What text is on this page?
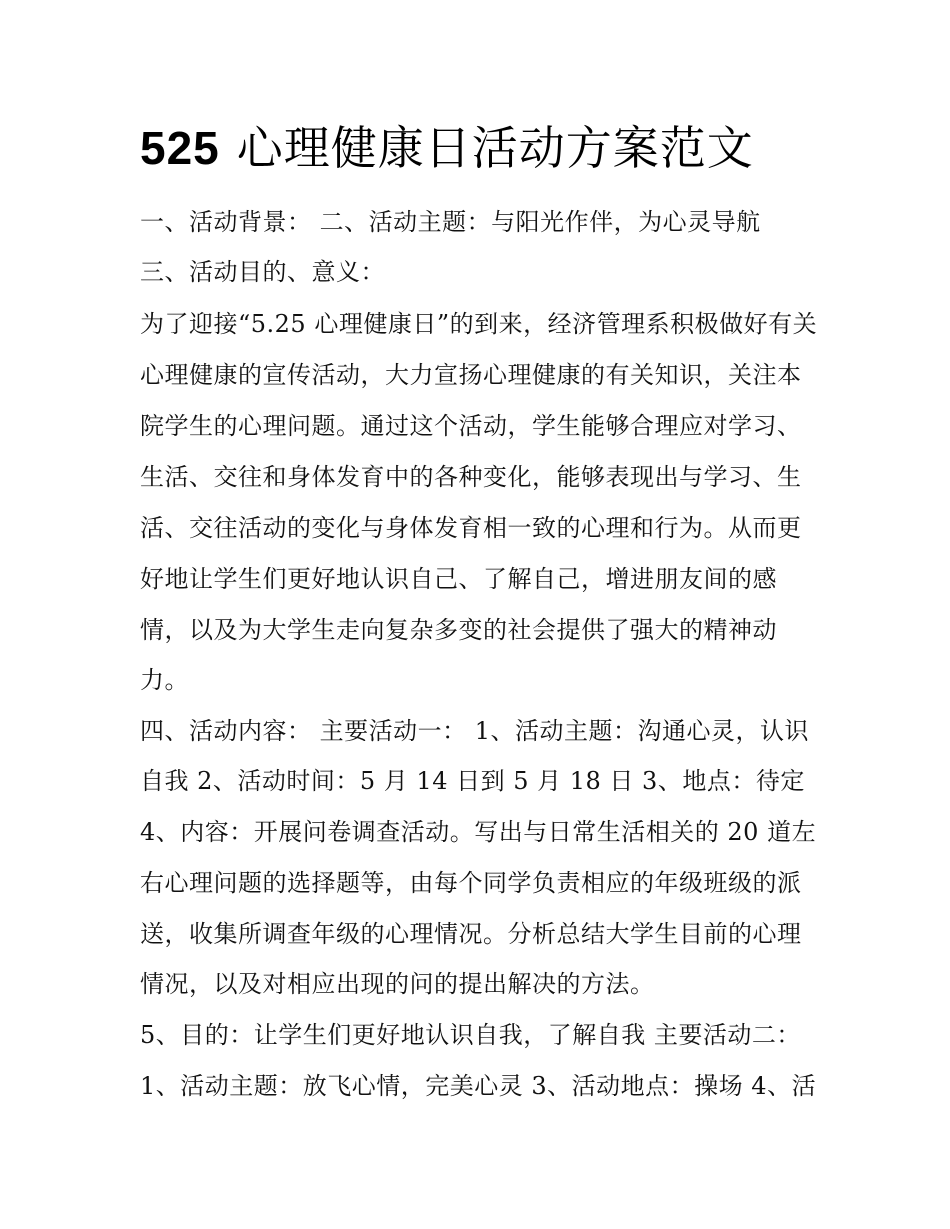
525 心理健康日活动方案范文

一、活动背景： 二、活动主题：与阳光作伴，为心灵导航

三、活动目的、意义：

为了迎接“5.25 心理健康日”的到来，经济管理系积极做好有关

心理健康的宣传活动，大力宣扬心理健康的有关知识，关注本

院学生的心理问题。通过这个活动，学生能够合理应对学习、

生活、交往和身体发育中的各种变化，能够表现出与学习、生

活、交往活动的变化与身体发育相一致的心理和行为。从而更

好地让学生们更好地认识自己、了解自己，增进朋友间的感

情，以及为大学生走向复杂多变的社会提供了强大的精神动

力。

四、活动内容： 主要活动一： 1、活动主题：沟通心灵，认识

自我 2、活动时间：5 月 14 日到 5 月 18 日 3、地点：待定

4、内容：开展问卷调查活动。写出与日常生活相关的 20 道左

右心理问题的选择题等，由每个同学负责相应的年级班级的派

送，收集所调查年级的心理情况。分析总结大学生目前的心理

情况，以及对相应出现的问的提出解决的方法。

5、目的：让学生们更好地认识自我，了解自我 主要活动二：

1、活动主题：放飞心情，完美心灵 3、活动地点：操场 4、活
